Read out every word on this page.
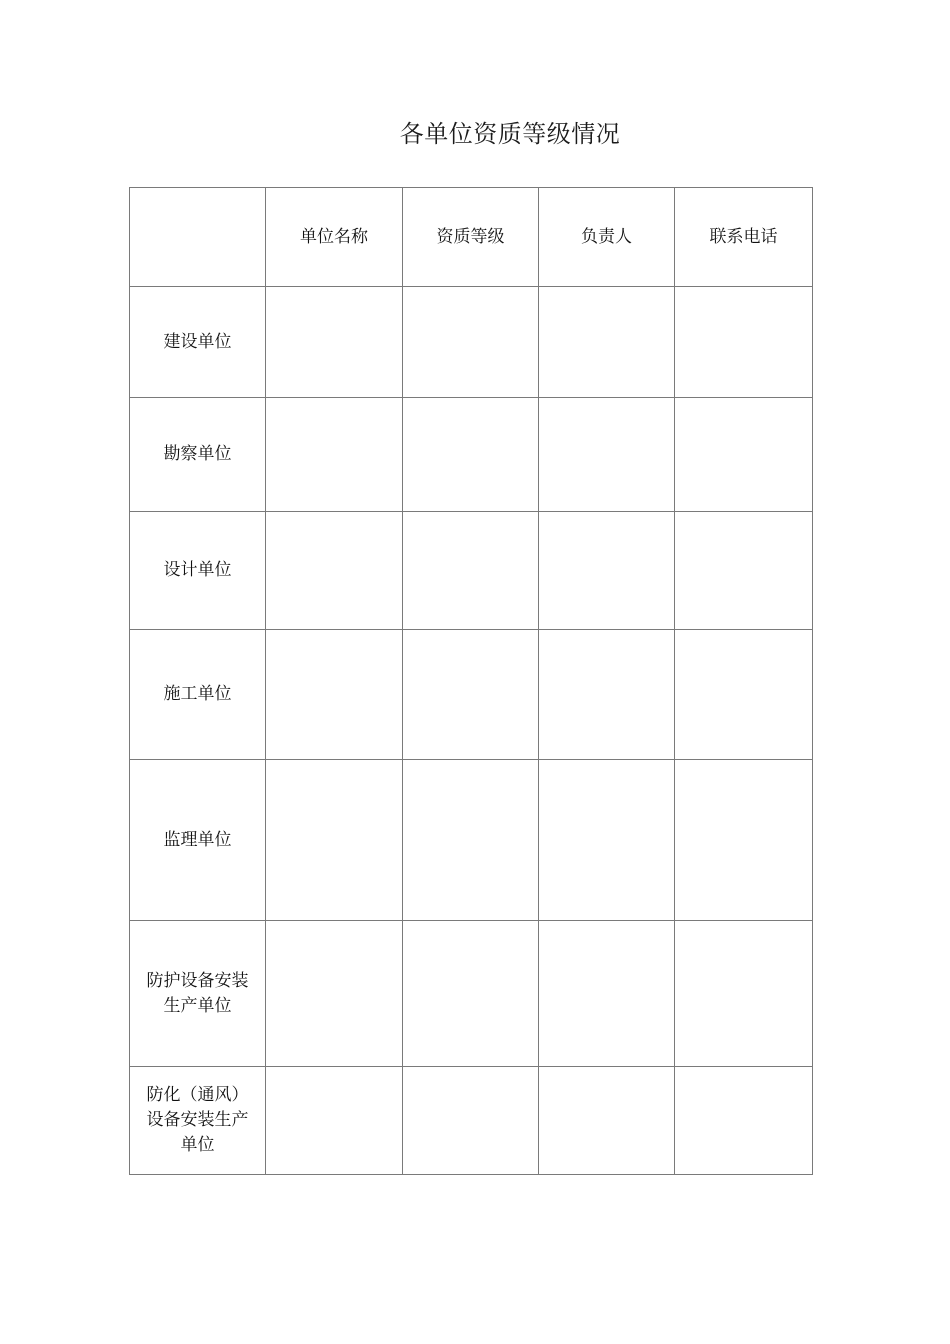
各单位资质等级情况
	单位名称	资质等级	负责人	联系电话
建设单位				
勘察单位				
设计单位				
施工单位				
监理单位				
防护设备安装生产单位				
防化（通风）设备安装生产单位				
